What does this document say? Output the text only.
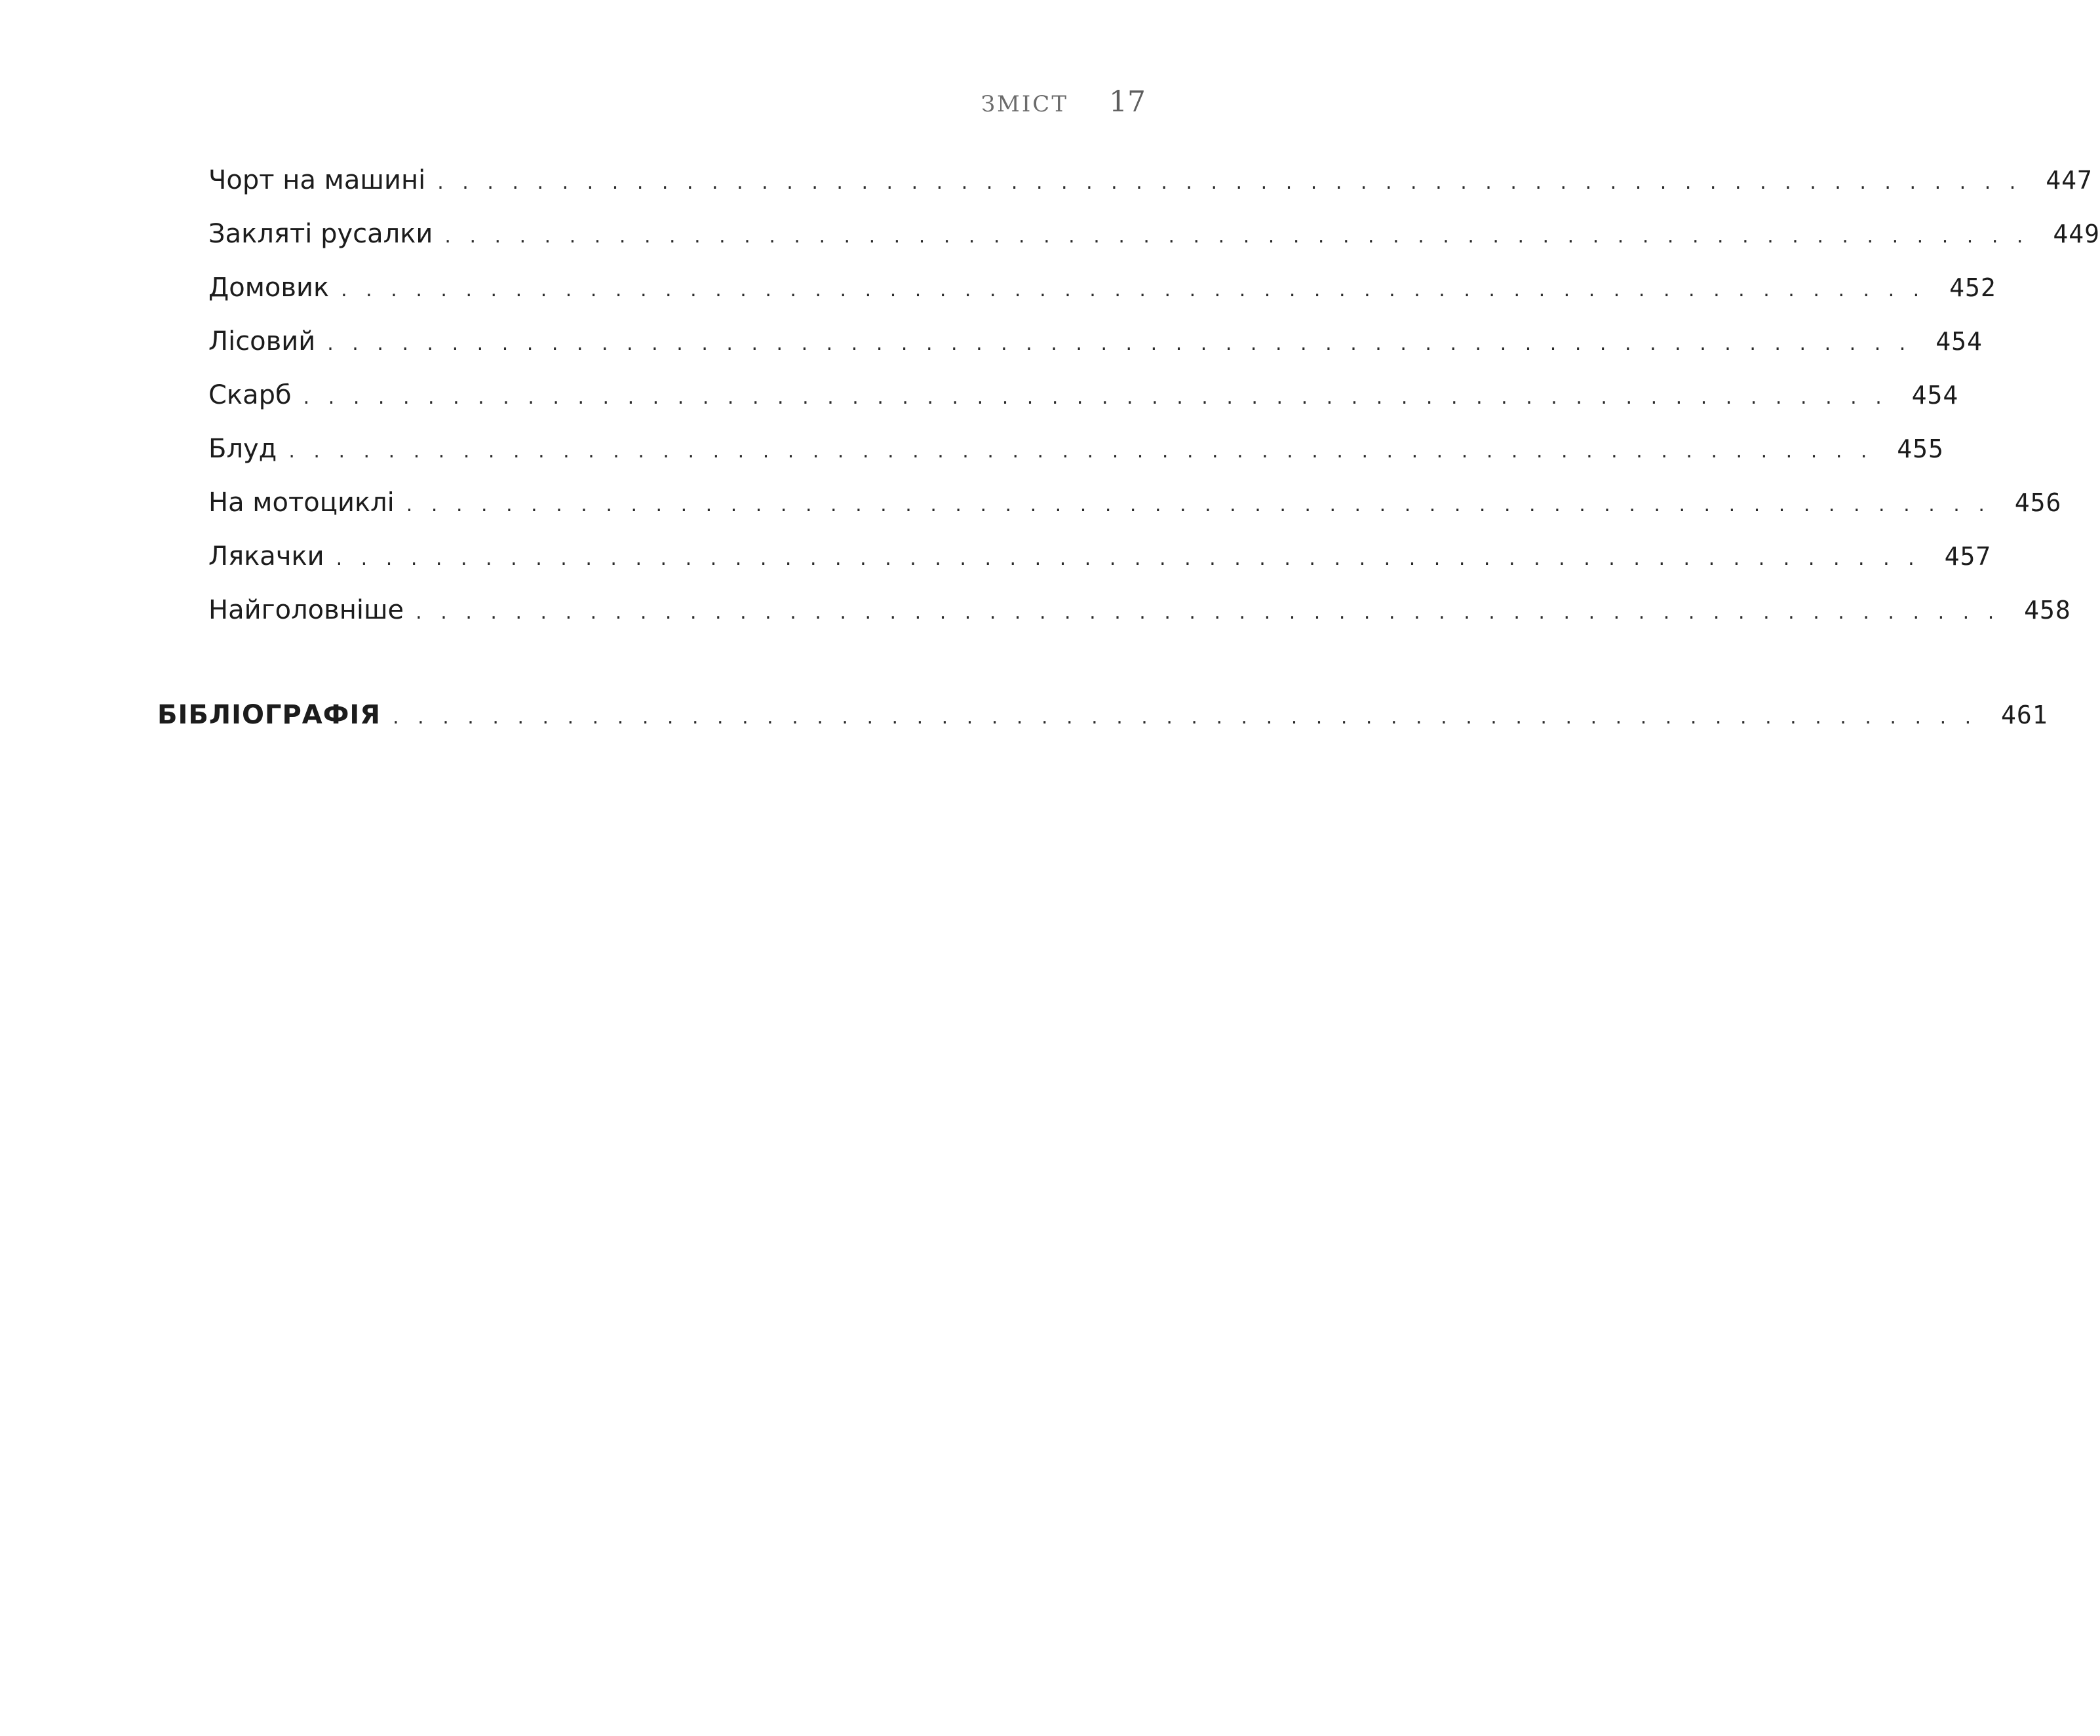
ЗМІСТ 17
Чорт на машині . . . . . . . . . . . . . . . . . . . . . . . . . . . . . . . . . . . . . . . . . . . . . . . . . . . . . . . . . . . . . . . . 447
Закляті русалки . . . . . . . . . . . . . . . . . . . . . . . . . . . . . . . . . . . . . . . . . . . . . . . . . . . . . . . . . . . . . . . . 449
Домовик . . . . . . . . . . . . . . . . . . . . . . . . . . . . . . . . . . . . . . . . . . . . . . . . . . . . . . . . . . . . . . . . 452
Лісовий . . . . . . . . . . . . . . . . . . . . . . . . . . . . . . . . . . . . . . . . . . . . . . . . . . . . . . . . . . . . . . . . 454
Скарб . . . . . . . . . . . . . . . . . . . . . . . . . . . . . . . . . . . . . . . . . . . . . . . . . . . . . . . . . . . . . . . . 454
Блуд . . . . . . . . . . . . . . . . . . . . . . . . . . . . . . . . . . . . . . . . . . . . . . . . . . . . . . . . . . . . . . . . 455
На мотоциклі . . . . . . . . . . . . . . . . . . . . . . . . . . . . . . . . . . . . . . . . . . . . . . . . . . . . . . . . . . . . . . . . 456
Лякачки . . . . . . . . . . . . . . . . . . . . . . . . . . . . . . . . . . . . . . . . . . . . . . . . . . . . . . . . . . . . . . . . 457
Найголовніше . . . . . . . . . . . . . . . . . . . . . . . . . . . . . . . . . . . . . . . . . . . . . . . . . . . . . . . . . . . . . . . . 458
БІБЛІОГРАФІЯ . . . . . . . . . . . . . . . . . . . . . . . . . . . . . . . . . . . . . . . . . . . . . . . . . . . . . . . . . . . . . . . . 461
